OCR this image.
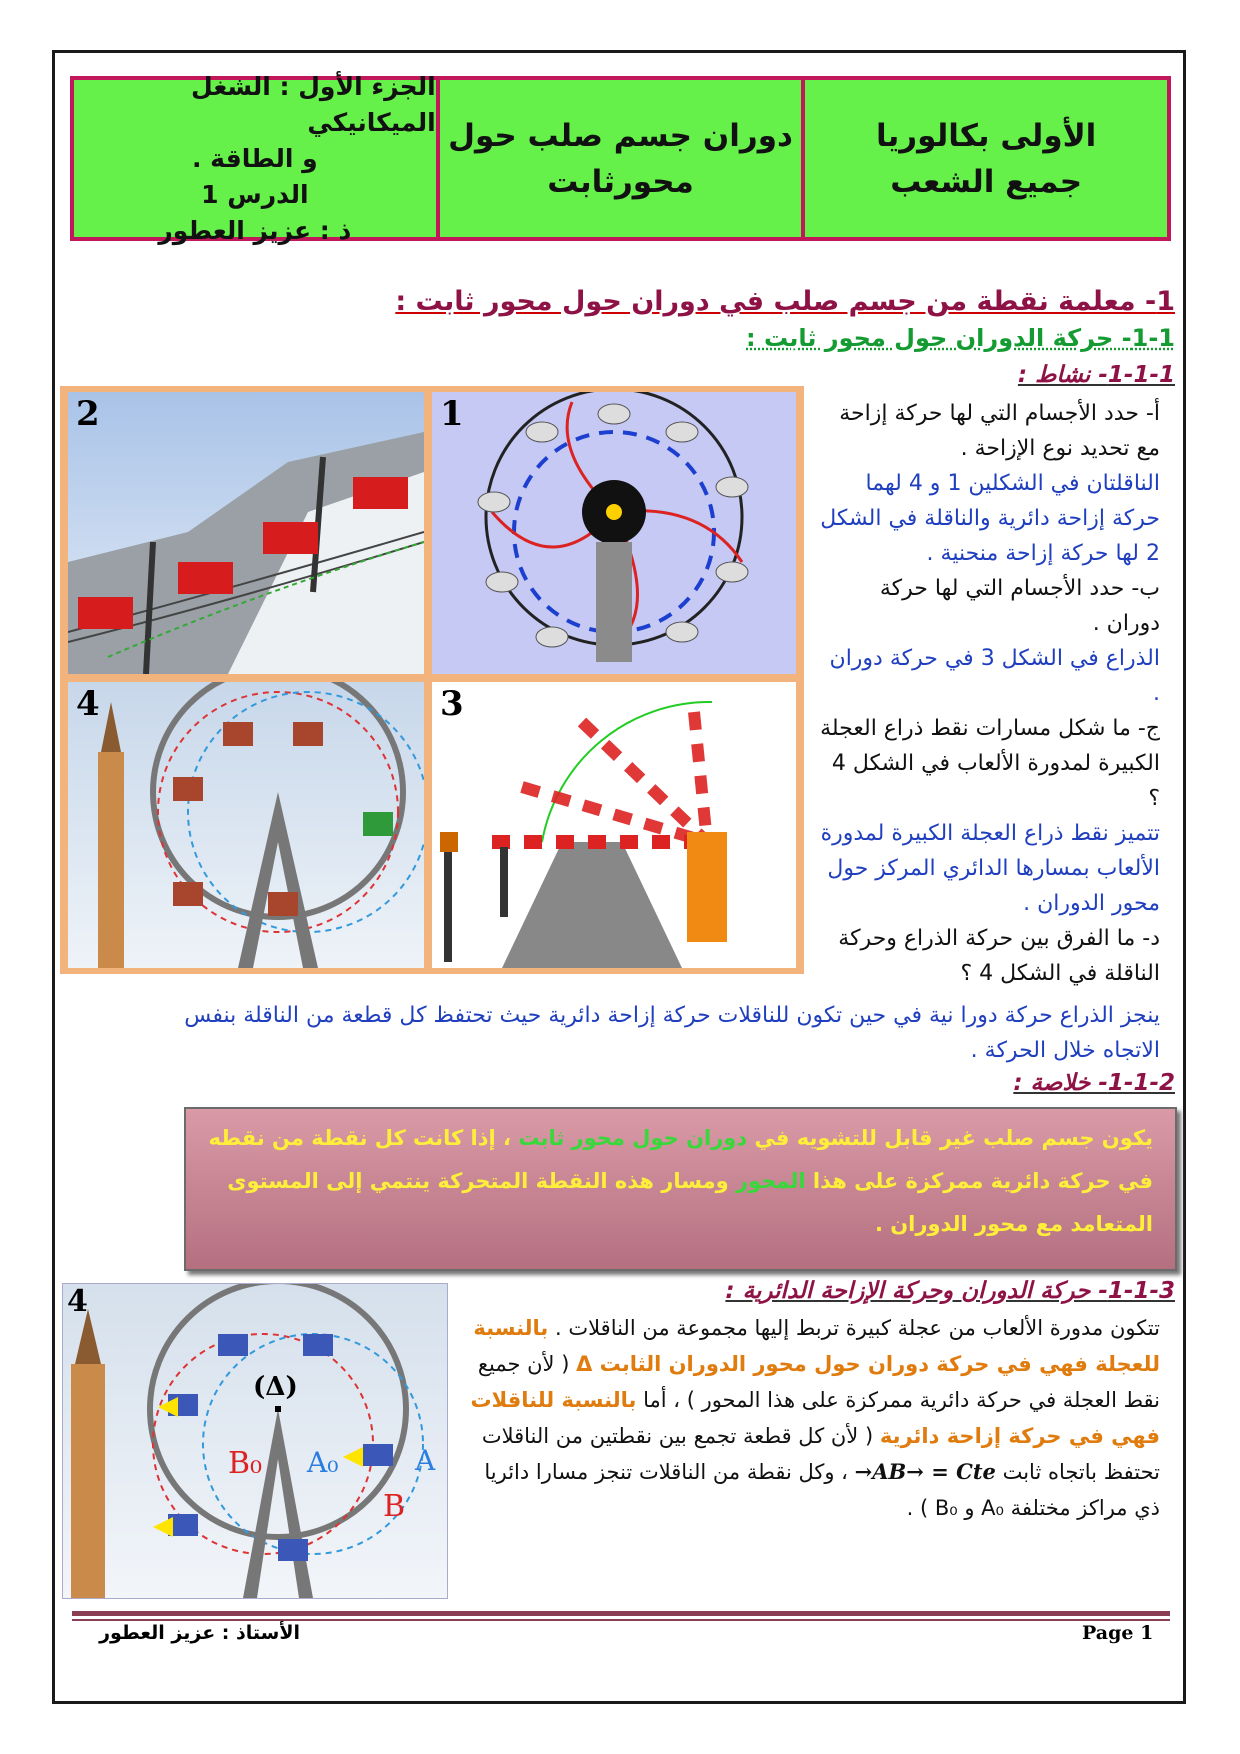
الأولى بكالوريا
جميع الشعب
دوران جسم صلب حول
محورثابت
الجزء الأول : الشغل الميكانيكي
و الطاقة .
الدرس 1
ذ : عزيز العطور
1- معلمة نقطة من جسم صلب في دوران حول محور ثابت :
1-1- حركة الدوران حول محور ثابت :
1-1-1- نشاط :
أ- حدد الأجسام التي لها حركة إزاحة مع تحديد نوع الإزاحة .
الناقلتان في الشكلين 1 و 4 لهما حركة إزاحة دائرية والناقلة في الشكل 2 لها حركة إزاحة منحنية .
ب- حدد الأجسام التي لها حركة دوران .
الذراع في الشكل 3 في حركة دوران .
ج- ما شكل مسارات نقط ذراع العجلة الكبيرة لمدورة الألعاب في الشكل 4 ؟
تتميز نقط ذراع العجلة الكبيرة لمدورة الألعاب بمسارها الدائري المركز حول محور الدوران .
د- ما الفرق بين حركة الذراع وحركة الناقلة في الشكل 4 ؟
ينجز الذراع حركة دورا نية في حين تكون للناقلات حركة إزاحة دائرية حيث تحتفظ كل قطعة من الناقلة بنفس الاتجاه خلال الحركة .
2	1
4	3
1-1-2- خلاصة :

يكون جسم صلب غير قابل للتشويه في دوران حول محور ثابت ، إذا كانت كل نقطة من نقطه في حركة دائرية ممركزة على هذا المحور ومسار هذه النقطة المتحركة ينتمي إلى المستوى المتعامد مع محور الدوران .

1-1-3- حركة الدوران وحركة الإزاحة الدائرية :
تتكون مدورة الألعاب من عجلة كبيرة تربط إليها مجموعة من الناقلات . بالنسبة للعجلة فهي في حركة دوران حول محور الدوران الثابت Δ ( لأن جميع نقط العجلة في حركة دائرية ممركزة على هذا المحور ) ، أما بالنسبة للناقلات فهي في حركة إزاحة دائرية ( لأن كل قطعة تجمع بين نقطتين من الناقلات تحتفظ باتجاه ثابت AB→ = Cte→ ، وكل نقطة من الناقلات تنجز مسارا دائريا ذي مراكز مختلفة A₀ و B₀ ) .
4
(Δ)
A
A₀
B
B₀
Page 1
الأستاذ : عزيز العطور
